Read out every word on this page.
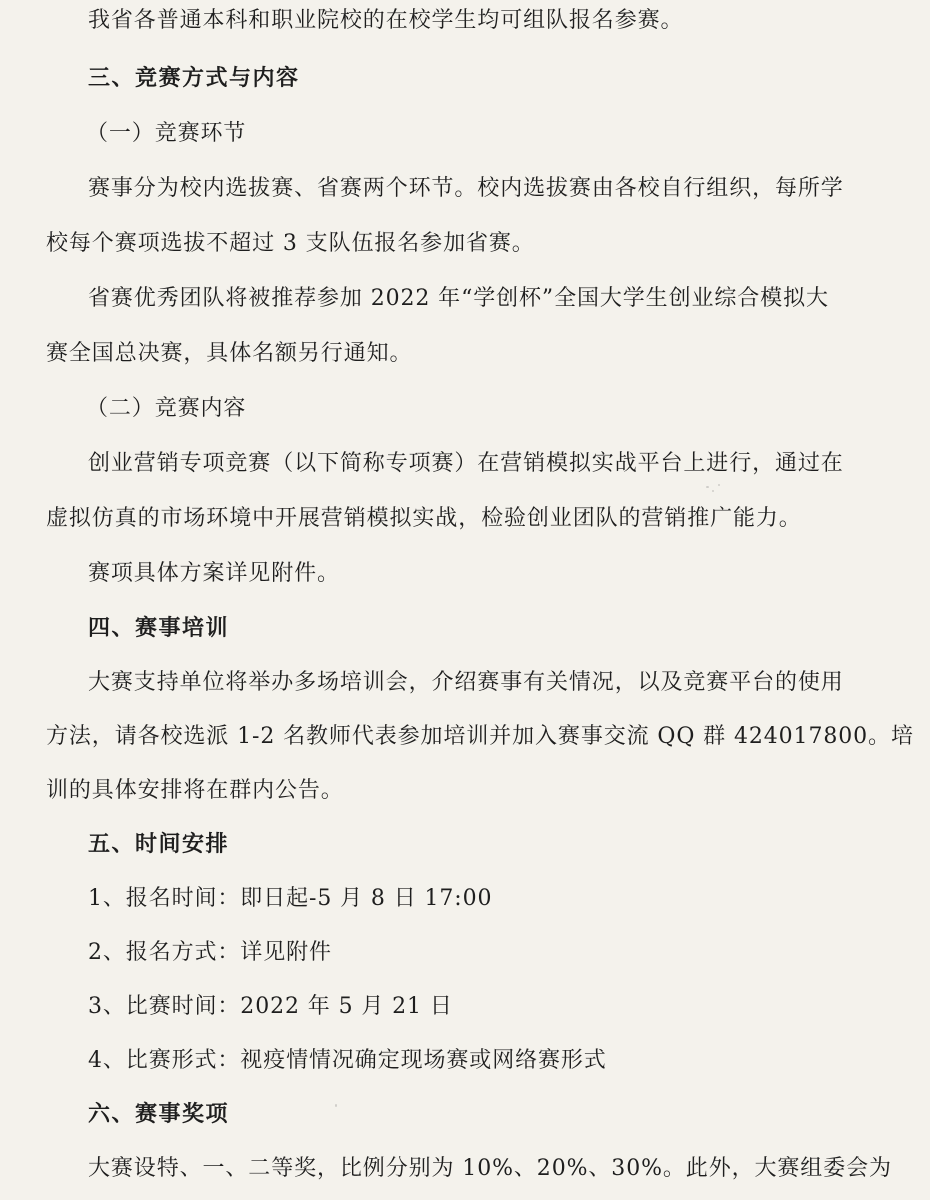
我省各普通本科和职业院校的在校学生均可组队报名参赛。
三、竞赛方式与内容
（一）竞赛环节
赛事分为校内选拔赛、省赛两个环节。校内选拔赛由各校自行组织，每所学
校每个赛项选拔不超过 3 支队伍报名参加省赛。
省赛优秀团队将被推荐参加 2022 年“学创杯”全国大学生创业综合模拟大
赛全国总决赛，具体名额另行通知。
（二）竞赛内容
创业营销专项竞赛（以下简称专项赛）在营销模拟实战平台上进行，通过在
虚拟仿真的市场环境中开展营销模拟实战，检验创业团队的营销推广能力。
赛项具体方案详见附件。
四、赛事培训
大赛支持单位将举办多场培训会，介绍赛事有关情况，以及竞赛平台的使用
方法，请各校选派 1-2 名教师代表参加培训并加入赛事交流 QQ 群 424017800。培
训的具体安排将在群内公告。
五、时间安排
1、报名时间：即日起-5 月 8 日 17:00
2、报名方式：详见附件
3、比赛时间：2022 年 5 月 21 日
4、比赛形式：视疫情情况确定现场赛或网络赛形式
六、赛事奖项
大赛设特、一、二等奖，比例分别为 10%、20%、30%。此外，大赛组委会为
